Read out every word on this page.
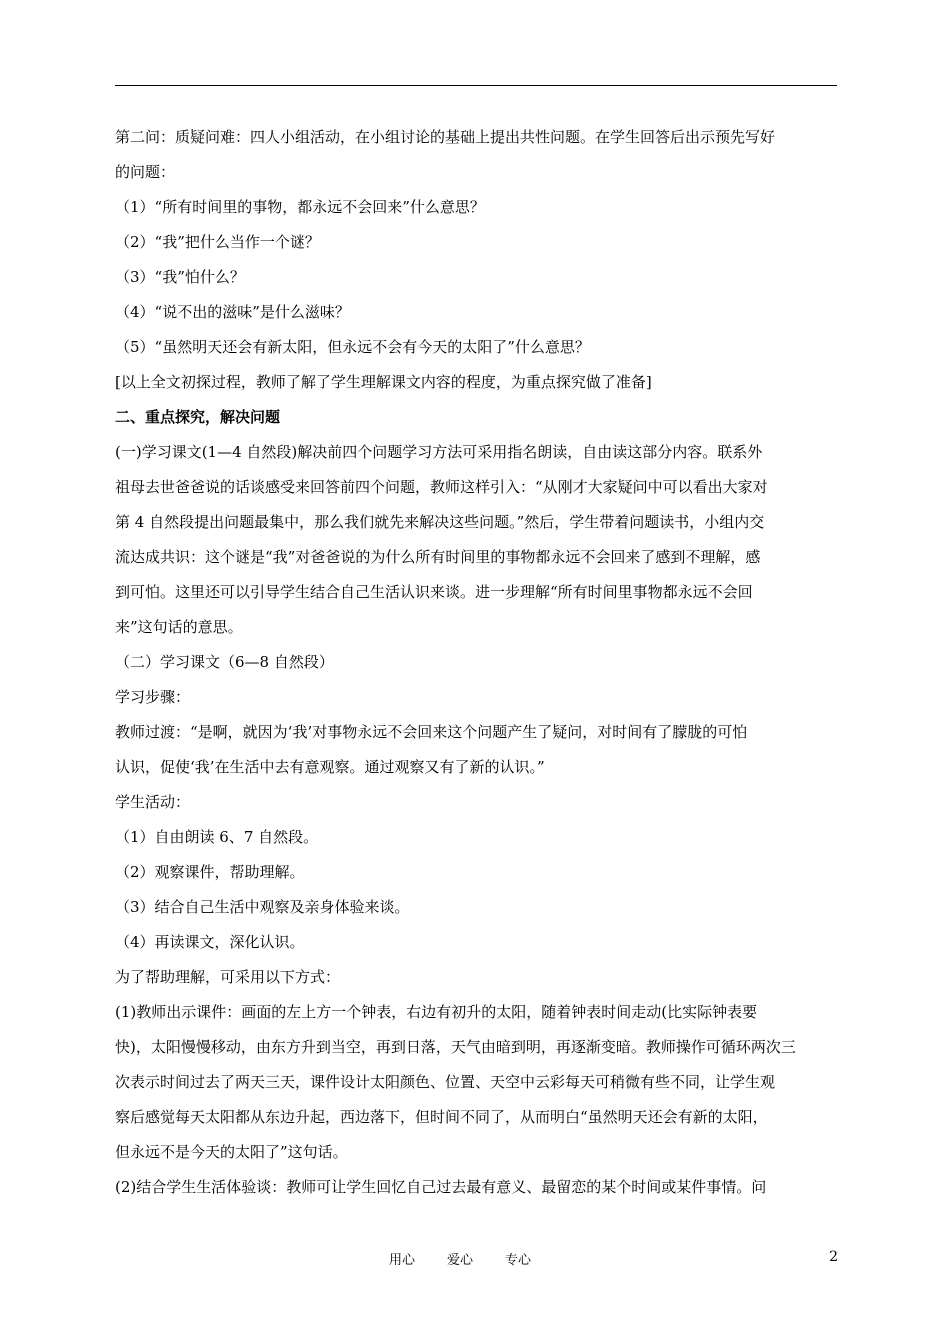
第二问：质疑问难：四人小组活动，在小组讨论的基础上提出共性问题。在学生回答后出示预先写好
的问题：
（1）“所有时间里的事物，都永远不会回来”什么意思？
（2）“我”把什么当作一个谜？
（3）“我”怕什么？
（4）“说不出的滋味”是什么滋味？
（5）“虽然明天还会有新太阳，但永远不会有今天的太阳了”什么意思？
[以上全文初探过程，教师了解了学生理解课文内容的程度，为重点探究做了准备]
二、重点探究，解决问题
(一)学习课文(1—4 自然段)解决前四个问题学习方法可采用指名朗读，自由读这部分内容。联系外
祖母去世爸爸说的话谈感受来回答前四个问题，教师这样引入：“从刚才大家疑问中可以看出大家对
第 4 自然段提出问题最集中，那么我们就先来解决这些问题。”然后，学生带着问题读书，小组内交
流达成共识：这个谜是“我”对爸爸说的为什么所有时间里的事物都永远不会回来了感到不理解，感
到可怕。这里还可以引导学生结合自己生活认识来谈。进一步理解“所有时间里事物都永远不会回
来”这句话的意思。
（二）学习课文（6—8 自然段）
学习步骤：
教师过渡：“是啊，就因为‘我’对事物永远不会回来这个问题产生了疑问，对时间有了朦胧的可怕
认识，促使‘我’在生活中去有意观察。通过观察又有了新的认识。”
学生活动：
（1）自由朗读 6、7 自然段。
（2）观察课件，帮助理解。
（3）结合自己生活中观察及亲身体验来谈。
（4）再读课文，深化认识。
为了帮助理解，可采用以下方式：
(1)教师出示课件：画面的左上方一个钟表，右边有初升的太阳，随着钟表时间走动(比实际钟表要
快)，太阳慢慢移动，由东方升到当空，再到日落，天气由暗到明，再逐渐变暗。教师操作可循环两次三
次表示时间过去了两天三天，课件设计太阳颜色、位置、天空中云彩每天可稍微有些不同，让学生观
察后感觉每天太阳都从东边升起，西边落下，但时间不同了，从而明白“虽然明天还会有新的太阳，
但永远不是今天的太阳了”这句话。
(2)结合学生生活体验谈：教师可让学生回忆自己过去最有意义、最留恋的某个时间或某件事情。问
用心 爱心 专心	2
